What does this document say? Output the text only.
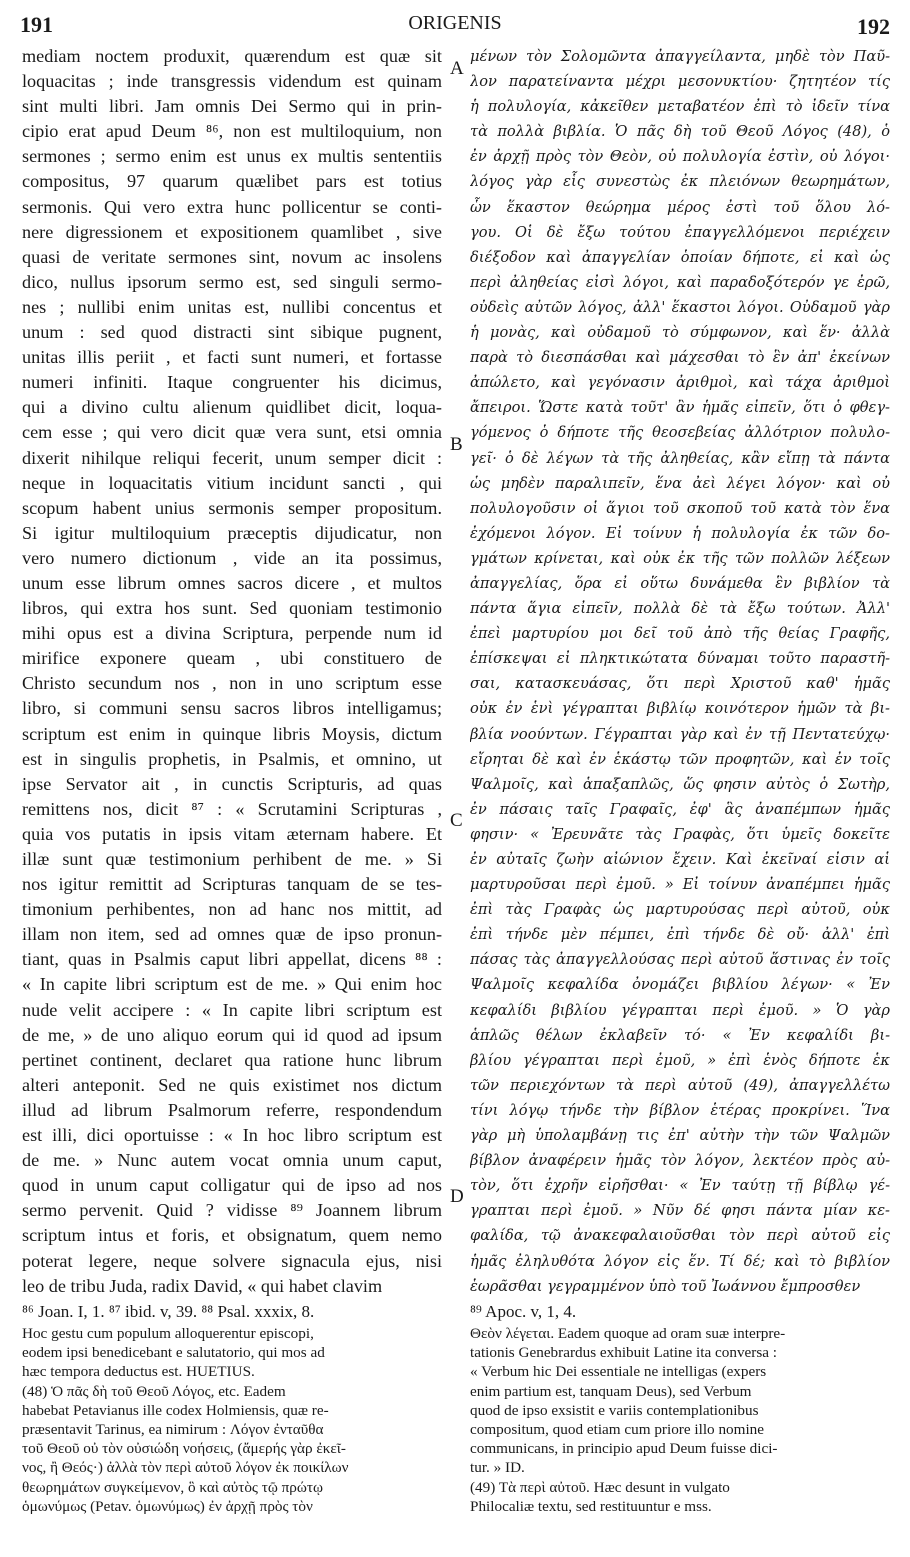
ORIGENIS
191	192
mediam noctem produxit, quærendum est quæ sit
loquacitas ; inde transgressis videndum est quinam
sint multi libri. Jam omnis Dei Sermo qui in prin-
cipio erat apud Deum ⁸⁶, non est multiloquium, non
sermones ; sermo enim est unus ex multis sententiis
compositus, 97 quarum quælibet pars est totius
sermonis. Qui vero extra hunc pollicentur se conti-
nere digressionem et expositionem quamlibet , sive
quasi de veritate sermones sint, novum ac insolens
dico, nullus ipsorum sermo est, sed singuli sermo-
nes ; nullibi enim unitas est, nullibi concentus et
unum : sed quod distracti sint sibique pugnent,
unitas illis periit , et facti sunt numeri, et fortasse
numeri infiniti. Itaque congruenter his dicimus,
qui a divino cultu alienum quidlibet dicit, loqua-
cem esse ; qui vero dicit quæ vera sunt, etsi omnia
dixerit nihilque reliqui fecerit, unum semper dicit :
neque in loquacitatis vitium incidunt sancti , qui
scopum habent unius sermonis semper propositum.
Si igitur multiloquium præceptis dijudicatur, non
vero numero dictionum , vide an ita possimus,
unum esse librum omnes sacros dicere , et multos
libros, qui extra hos sunt. Sed quoniam testimonio
mihi opus est a divina Scriptura, perpende num id
mirifice exponere queam , ubi constituero de
Christo secundum nos , non in uno scriptum esse
libro, si communi sensu sacros libros intelligamus;
scriptum est enim in quinque libris Moysis, dictum
est in singulis prophetis, in Psalmis, et omnino, ut
ipse Servator ait , in cunctis Scripturis, ad quas
remittens nos, dicit ⁸⁷ : « Scrutamini Scripturas ,
quia vos putatis in ipsis vitam æternam habere. Et
illæ sunt quæ testimonium perhibent de me. » Si
nos igitur remittit ad Scripturas tanquam de se tes-
timonium perhibentes, non ad hanc nos mittit, ad
illam non item, sed ad omnes quæ de ipso pronun-
tiant, quas in Psalmis caput libri appellat, dicens ⁸⁸ :
« In capite libri scriptum est de me. » Qui enim hoc
nude velit accipere : « In capite libri scriptum est
de me, » de uno aliquo eorum qui id quod ad ipsum
pertinet continent, declaret qua ratione hunc librum
alteri anteponit. Sed ne quis existimet nos dictum
illud ad librum Psalmorum referre, respondendum
est illi, dici oportuisse : « In hoc libro scriptum est
de me. » Nunc autem vocat omnia unum caput,
quod in unum caput colligatur qui de ipso ad nos
sermo pervenit. Quid ? vidisse ⁸⁹ Joannem librum
scriptum intus et foris, et obsignatum, quem nemo
poterat legere, neque solvere signacula ejus, nisi
leo de tribu Juda, radix David, « qui habet clavim
μένων τὸν Σολομῶντα ἀπαγγείλαντα, μηδὲ τὸν Παῦ-
λον παρατείναντα μέχρι μεσονυκτίου· ζητητέον τίς
ἡ πολυλογία, κἀκεῖθεν μεταβατέον ἐπὶ τὸ ἰδεῖν τίνα
τὰ πολλὰ βιβλία. Ὁ πᾶς δὴ τοῦ Θεοῦ Λόγος (48), ὁ
ἐν ἀρχῇ πρὸς τὸν Θεὸν, οὐ πολυλογία ἐστὶν, οὐ λόγοι·
λόγος γὰρ εἷς συνεστὼς ἐκ πλειόνων θεωρημάτων,
ὧν ἕκαστον θεώρημα μέρος ἐστὶ τοῦ ὅλου λό-
γου. Οἱ δὲ ἔξω τούτου ἐπαγγελλόμενοι περιέχειν
διέξοδον καὶ ἀπαγγελίαν ὁποίαν δήποτε, εἰ καὶ ὡς
περὶ ἀληθείας εἰσὶ λόγοι, καὶ παραδοξότερόν γε ἐρῶ,
οὐδεὶς αὐτῶν λόγος, ἀλλ' ἕκαστοι λόγοι. Οὐδαμοῦ γὰρ
ἡ μονὰς, καὶ οὐδαμοῦ τὸ σύμφωνον, καὶ ἕν· ἀλλὰ
παρὰ τὸ διεσπάσθαι καὶ μάχεσθαι τὸ ἓν ἀπ' ἐκείνων
ἀπώλετο, καὶ γεγόνασιν ἀριθμοὶ, καὶ τάχα ἀριθμοὶ
ἄπειροι. Ὥστε κατὰ τοῦτ' ἂν ἡμᾶς εἰπεῖν, ὅτι ὁ φθεγ-
γόμενος ὁ δήποτε τῆς θεοσεβείας ἀλλότριον πολυλο-
γεῖ· ὁ δὲ λέγων τὰ τῆς ἀληθείας, κἂν εἴπῃ τὰ πάντα
ὡς μηδὲν παραλιπεῖν, ἕνα ἀεὶ λέγει λόγον· καὶ οὐ
πολυλογοῦσιν οἱ ἅγιοι τοῦ σκοποῦ τοῦ κατὰ τὸν ἕνα
ἐχόμενοι λόγον. Εἰ τοίνυν ἡ πολυλογία ἐκ τῶν δο-
γμάτων κρίνεται, καὶ οὐκ ἐκ τῆς τῶν πολλῶν λέξεων
ἀπαγγελίας, ὅρα εἰ οὕτω δυνάμεθα ἓν βιβλίον τὰ
πάντα ἅγια εἰπεῖν, πολλὰ δὲ τὰ ἔξω τούτων. Ἀλλ'
ἐπεὶ μαρτυρίου μοι δεῖ τοῦ ἀπὸ τῆς θείας Γραφῆς,
ἐπίσκεψαι εἰ πληκτικώτατα δύναμαι τοῦτο παραστῆ-
σαι, κατασκευάσας, ὅτι περὶ Χριστοῦ καθ' ἡμᾶς
οὐκ ἐν ἑνὶ γέγραπται βιβλίῳ κοινότερον ἡμῶν τὰ βι-
βλία νοούντων. Γέγραπται γὰρ καὶ ἐν τῇ Πεντατεύχῳ·
εἴρηται δὲ καὶ ἐν ἑκάστῳ τῶν προφητῶν, καὶ ἐν τοῖς
Ψαλμοῖς, καὶ ἁπαξαπλῶς, ὥς φησιν αὐτὸς ὁ Σωτὴρ,
ἐν πάσαις ταῖς Γραφαῖς, ἐφ' ἃς ἀναπέμπων ἡμᾶς
φησιν· « Ἐρευνᾶτε τὰς Γραφὰς, ὅτι ὑμεῖς δοκεῖτε
ἐν αὐταῖς ζωὴν αἰώνιον ἔχειν. Καὶ ἐκεῖναί εἰσιν αἱ
μαρτυροῦσαι περὶ ἐμοῦ. » Εἰ τοίνυν ἀναπέμπει ἡμᾶς
ἐπὶ τὰς Γραφὰς ὡς μαρτυρούσας περὶ αὐτοῦ, οὐκ
ἐπὶ τήνδε μὲν πέμπει, ἐπὶ τήνδε δὲ οὔ· ἀλλ' ἐπὶ
πάσας τὰς ἀπαγγελλούσας περὶ αὐτοῦ ἅστινας ἐν τοῖς
Ψαλμοῖς κεφαλίδα ὀνομάζει βιβλίου λέγων· « Ἐν
κεφαλίδι βιβλίου γέγραπται περὶ ἐμοῦ. » Ὁ γὰρ
ἁπλῶς θέλων ἐκλαβεῖν τό· « Ἐν κεφαλίδι βι-
βλίου γέγραπται περὶ ἐμοῦ, » ἐπὶ ἑνὸς δήποτε ἑκ
τῶν περιεχόντων τὰ περὶ αὐτοῦ (49), ἀπαγγελλέτω
τίνι λόγῳ τήνδε τὴν βίβλον ἑτέρας προκρίνει. Ἵνα
γὰρ μὴ ὑπολαμβάνῃ τις ἐπ' αὐτὴν τὴν τῶν Ψαλμῶν
βίβλον ἀναφέρειν ἡμᾶς τὸν λόγον, λεκτέον πρὸς αὐ-
τὸν, ὅτι ἐχρῆν εἰρῆσθαι· « Ἐν ταύτῃ τῇ βίβλῳ γέ-
γραπται περὶ ἐμοῦ. » Νῦν δέ φησι πάντα μίαν κε-
φαλίδα, τῷ ἀνακεφαλαιοῦσθαι τὸν περὶ αὐτοῦ εἰς
ἡμᾶς ἐληλυθότα λόγον εἰς ἕν. Τί δέ; καὶ τὸ βιβλίον
ἑωρᾶσθαι γεγραμμένον ὑπὸ τοῦ Ἰωάννου ἔμπροσθεν
A
B
C
D
⁸⁶ Joan. I, 1. ⁸⁷ ibid. v, 39. ⁸⁸ Psal. xxxix, 8.
Hoc gestu cum populum alloquerentur episcopi,
eodem ipsi benedicebant e salutatorio, qui mos ad
hæc tempora deductus est. HUETIUS.
(48) Ὁ πᾶς δὴ τοῦ Θεοῦ Λόγος, etc. Eadem
habebat Petavianus ille codex Holmiensis, quæ re-
præsentavit Tarinus, ea nimirum : Λόγον ἐνταῦθα
τοῦ Θεοῦ οὐ τὸν οὐσιώδη νοήσεις, (ἄμερής γὰρ ἐκεῖ-
νος, ἢ Θεός·) ἀλλὰ τὸν περὶ αὐτοῦ λόγον ἐκ ποικίλων
θεωρημάτων συγκείμενον, ὃ καὶ αὐτὸς τῷ πρώτῳ
ὁμωνύμως (Petav. ὁμωνύμως) ἐν ἀρχῇ πρὸς τὸν
⁸⁹ Apoc. v, 1, 4.
Θεὸν λέγεται. Eadem quoque ad oram suæ interpre-
tationis Genebrardus exhibuit Latine ita conversa :
« Verbum hic Dei essentiale ne intelligas (expers
enim partium est, tanquam Deus), sed Verbum
quod de ipso exsistit e variis contemplationibus
compositum, quod etiam cum priore illo nomine
communicans, in principio apud Deum fuisse dici-
tur. » ID.
(49) Τὰ περὶ αὐτοῦ. Hæc desunt in vulgato
Philocaliæ textu, sed restituuntur e mss.
